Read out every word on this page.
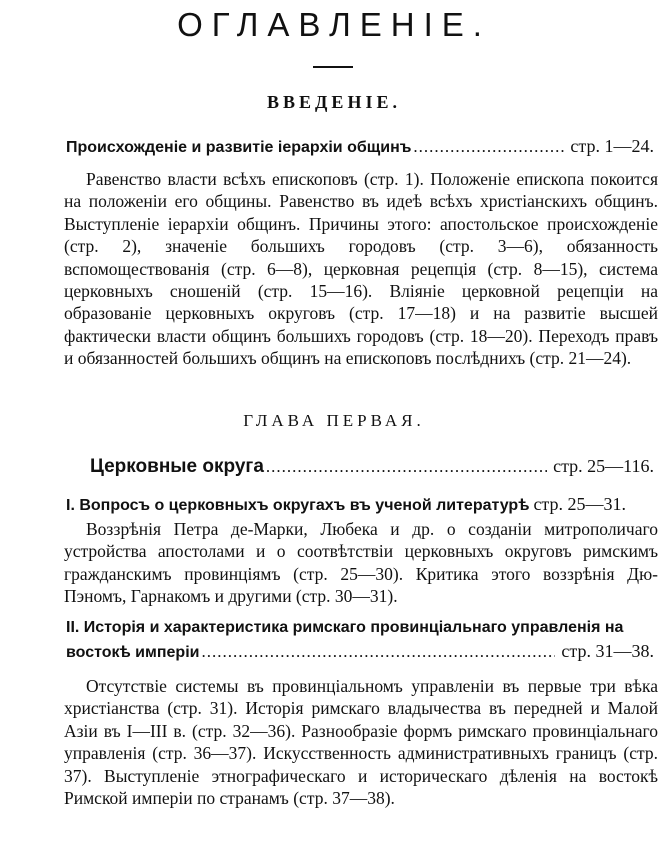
ОГЛАВЛЕНІЕ.
ВВЕДЕНІЕ.
Происхожденіе и развитіе іерархіи общинъ .....	стр. 1—24.

Равенство власти всѣхъ епископовъ (стр. 1). Положеніе епископа покоится на положеніи его общины. Равенство въ идеѣ всѣхъ христіанскихъ общинъ. Выступленіе іерархіи общинъ. Причины этого: апостольское происхожденіе (стр. 2), значеніе большихъ городовъ (стр. 3—6), обязанность вспомоществованія (стр. 6—8), церковная рецепція (стр. 8—15), система церковныхъ сношеній (стр. 15—16). Вліяніе церковной рецепціи на образованіе церковныхъ округовъ (стр. 17—18) и на развитіе высшей фактически власти общинъ большихъ городовъ (стр. 18—20). Переходъ правъ и обязанностей большихъ общинъ на епископовъ послѣднихъ (стр. 21—24).

ГЛАВА ПЕРВАЯ.
Церковные округа .....	стр. 25—116.
I. Вопросъ о церковныхъ округахъ въ ученой литературѣ стр. 25—31.

Воззрѣнія Петра де-Марки, Любека и др. о созданіи митрополичаго устройства апостолами и о соотвѣтствіи церковныхъ округовъ римскимъ гражданскимъ провинціямъ (стр. 25—30). Критика этого воззрѣнія Дю-Пэномъ, Гарнакомъ и другими (стр. 30—31).

II. Исторія и характеристика римскаго провинціальнаго управленія на
востокѣ имперіи .....	стр. 31—38.

Отсутствіе системы въ провинціальномъ управленіи въ первые три вѣка христіанства (стр. 31). Исторія римскаго владычества въ передней и Малой Азіи въ I—III в. (стр. 32—36). Разнообразіе формъ римскаго провинціальнаго управленія (стр. 36—37). Искусственность административныхъ границъ (стр. 37). Выступленіе этнографическаго и историческаго дѣленія на востокѣ Римской имперіи по странамъ (стр. 37—38).
